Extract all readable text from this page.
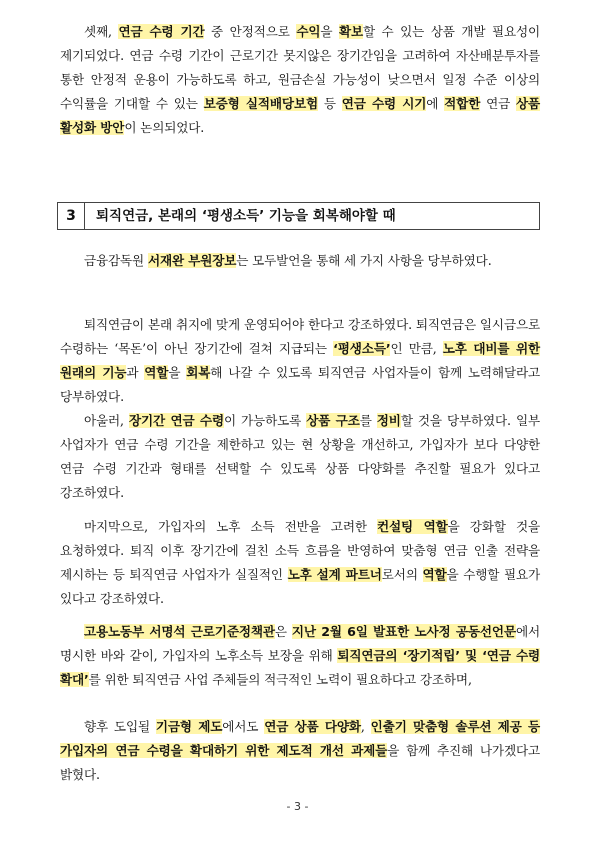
셋째, 연금 수령 기간 중 안정적으로 수익을 확보할 수 있는 상품 개발 필요성이 제기되었다. 연금 수령 기간이 근로기간 못지않은 장기간임을 고려하여 자산배분투자를 통한 안정적 운용이 가능하도록 하고, 원금손실 가능성이 낮으면서 일정 수준 이상의 수익률을 기대할 수 있는 보증형 실적배당보험 등 연금 수령 시기에 적합한 연금 상품 활성화 방안이 논의되었다.
3	퇴직연금, 본래의 ‘평생소득’ 기능을 회복해야할 때
금융감독원 서재완 부원장보는 모두발언을 통해 세 가지 사항을 당부하였다.
퇴직연금이 본래 취지에 맞게 운영되어야 한다고 강조하였다. 퇴직연금은 일시금으로 수령하는 ‘목돈’이 아닌 장기간에 걸쳐 지급되는 ‘평생소득’인 만큼, 노후 대비를 위한 원래의 기능과 역할을 회복해 나갈 수 있도록 퇴직연금 사업자들이 함께 노력해달라고 당부하였다.
아울러, 장기간 연금 수령이 가능하도록 상품 구조를 정비할 것을 당부하였다. 일부 사업자가 연금 수령 기간을 제한하고 있는 현 상황을 개선하고, 가입자가 보다 다양한 연금 수령 기간과 형태를 선택할 수 있도록 상품 다양화를 추진할 필요가 있다고 강조하였다.
마지막으로, 가입자의 노후 소득 전반을 고려한 컨설팅 역할을 강화할 것을 요청하였다. 퇴직 이후 장기간에 걸친 소득 흐름을 반영하여 맞춤형 연금 인출 전략을 제시하는 등 퇴직연금 사업자가 실질적인 노후 설계 파트너로서의 역할을 수행할 필요가 있다고 강조하였다.
고용노동부 서명석 근로기준정책관은 지난 2월 6일 발표한 노사정 공동선언문에서 명시한 바와 같이, 가입자의 노후소득 보장을 위해 퇴직연금의 ‘장기적립’ 및 ‘연금 수령 확대’를 위한 퇴직연금 사업 주체들의 적극적인 노력이 필요하다고 강조하며,
향후 도입될 기금형 제도에서도 연금 상품 다양화, 인출기 맞춤형 솔루션 제공 등 가입자의 연금 수령을 확대하기 위한 제도적 개선 과제들을 함께 추진해 나가겠다고 밝혔다.
- 3 -
